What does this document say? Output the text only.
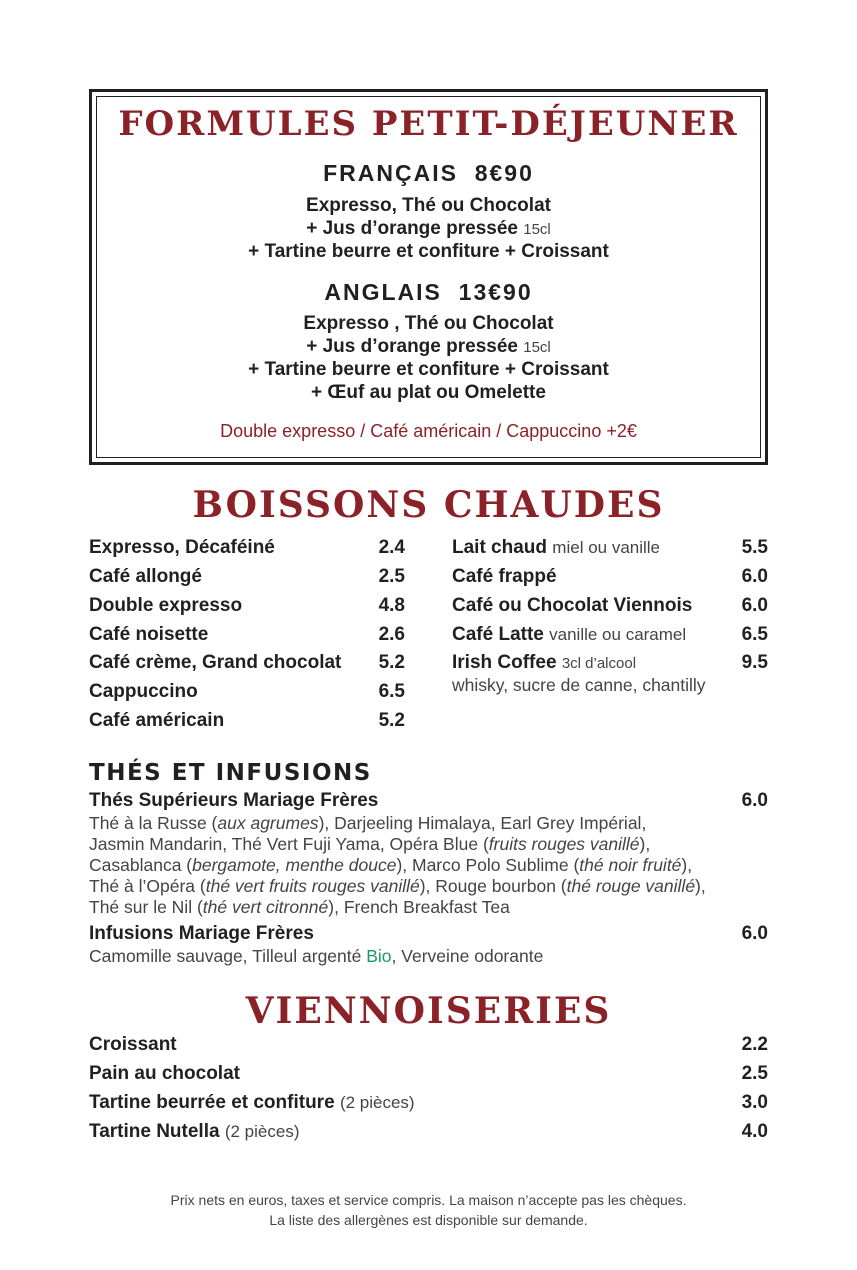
FORMULES PETIT-DÉJEUNER
FRANÇAIS 8€90
Expresso, Thé ou Chocolat
+ Jus d’orange pressée 15cl
+ Tartine beurre et confiture + Croissant
ANGLAIS 13€90
Expresso , Thé ou Chocolat
+ Jus d’orange pressée 15cl
+ Tartine beurre et confiture + Croissant
+ Œuf au plat ou Omelette
Double expresso / Café américain / Cappuccino +2€
BOISSONS CHAUDES
Expresso, Décaféiné	2.4
Café allongé	2.5
Double expresso	4.8
Café noisette	2.6
Café crème, Grand chocolat 5.2
Cappuccino	6.5
Café américain	5.2
Lait chaud miel ou vanille	5.5
Café frappé	6.0
Café ou Chocolat Viennois	6.0
Café Latte vanille ou caramel	6.5
Irish Coffee 3cl d’alcool	9.5
whisky, sucre de canne, chantilly
THÉS ET INFUSIONS
Thés Supérieurs Mariage Frères	6.0
Thé à la Russe (aux agrumes), Darjeeling Himalaya, Earl Grey Impérial,
Jasmin Mandarin, Thé Vert Fuji Yama, Opéra Blue (fruits rouges vanillé),
Casablanca (bergamote, menthe douce), Marco Polo Sublime (thé noir fruité),
Thé à l’Opéra (thé vert fruits rouges vanillé), Rouge bourbon (thé rouge vanillé),
Thé sur le Nil (thé vert citronné), French Breakfast Tea
Infusions Mariage Frères	6.0
Camomille sauvage, Tilleul argenté Bio, Verveine odorante
VIENNOISERIES
Croissant	2.2
Pain au chocolat	2.5
Tartine beurrée et confiture (2 pièces)	3.0
Tartine Nutella (2 pièces)	4.0
Prix nets en euros, taxes et service compris. La maison n’accepte pas les chèques.
La liste des allergènes est disponible sur demande.
